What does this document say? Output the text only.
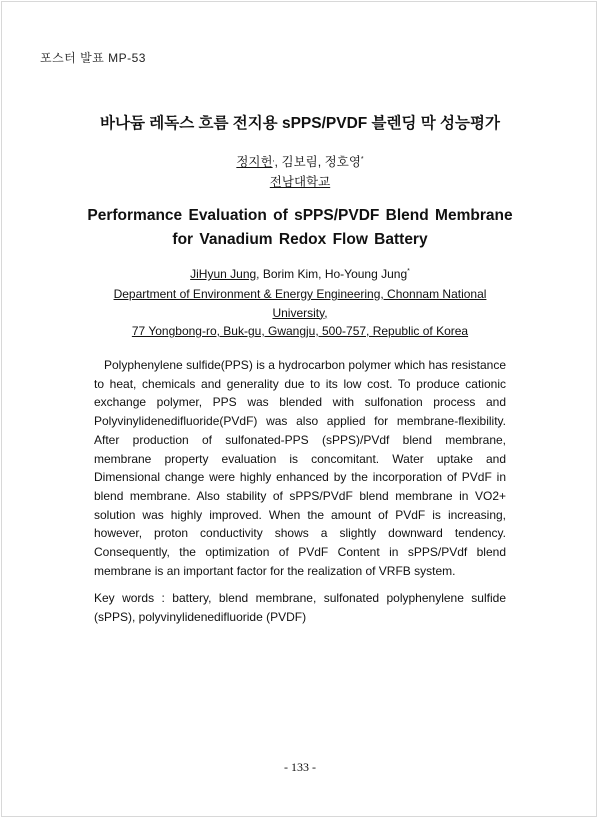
포스터 발표 MP-53
바나듐 레독스 흐름 전지용 sPPS/PVDF 블렌딩 막 성능평가
정지헌,, 김보림, 정호영*
전남대학교
Performance Evaluation of sPPS/PVDF Blend Membrane
for Vanadium Redox Flow Battery
JiHyun Jung, Borim Kim, Ho-Young Jung*
Department of Environment & Energy Engineering, Chonnam National University,
77 Yongbong-ro, Buk-gu, Gwangju, 500-757, Republic of Korea

Polyphenylene sulfide(PPS) is a hydrocarbon polymer which has resistance to heat, chemicals and generality due to its low cost. To produce cationic exchange polymer, PPS was blended with sulfonation process and Polyvinylidenedifluoride(PVdF) was also applied for membrane-flexibility. After production of sulfonated-PPS (sPPS)/PVdf blend membrane, membrane property evaluation is concomitant. Water uptake and Dimensional change were highly enhanced by the incorporation of PVdF in blend membrane. Also stability of sPPS/PVdF blend membrane in VO2+ solution was highly improved. When the amount of PVdF is increasing, however, proton conductivity shows a slightly downward tendency. Consequently, the optimization of PVdF Content in sPPS/PVdf blend membrane is an important factor for the realization of VRFB system.

Key words : battery, blend membrane, sulfonated polyphenylene sulfide (sPPS), polyvinylidenedifluoride (PVDF)

- 133 -
